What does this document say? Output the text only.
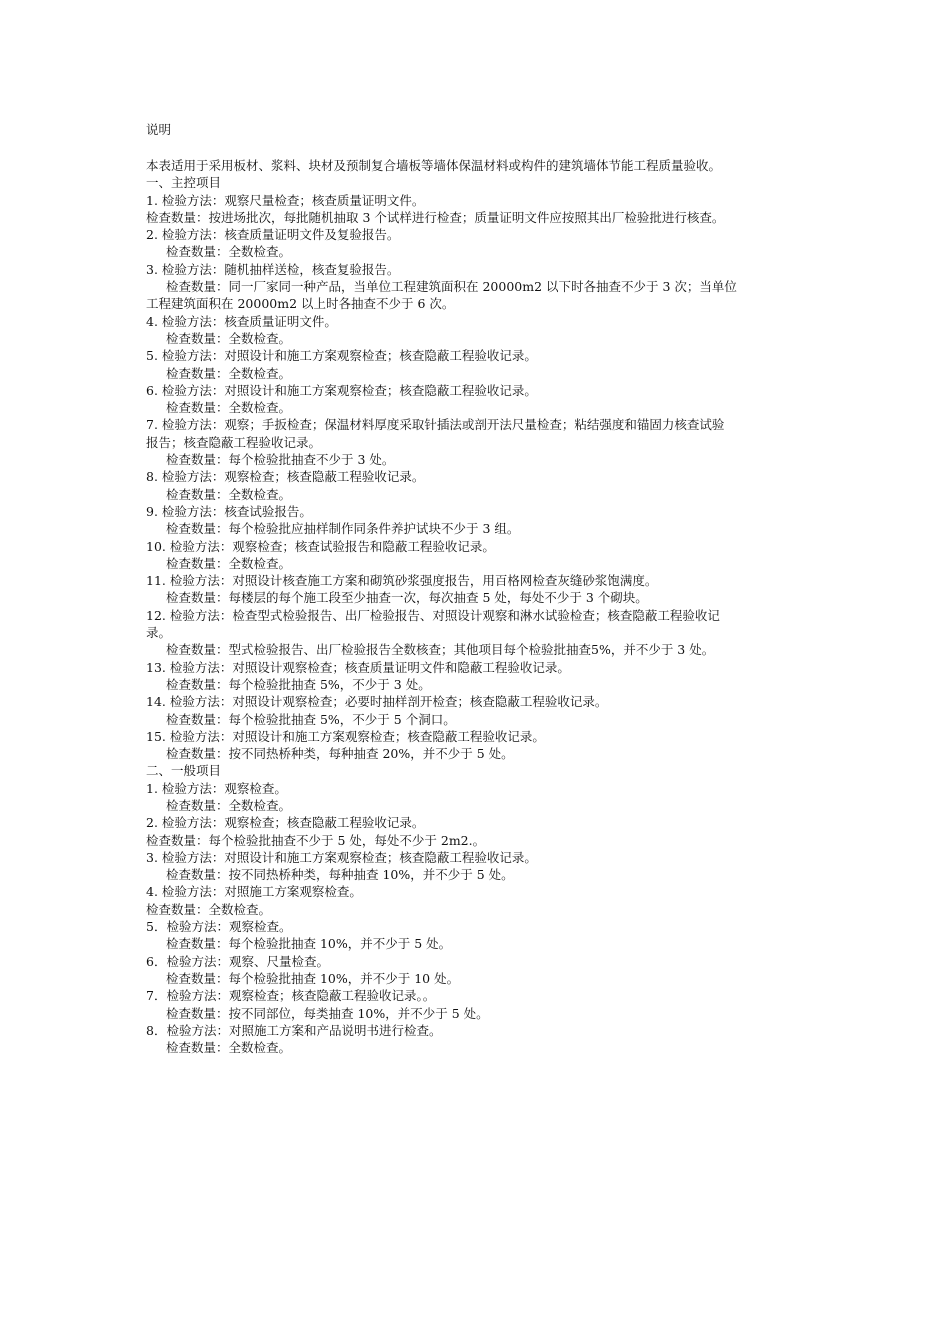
说明

本表适用于采用板材、浆料、块材及预制复合墙板等墙体保温材料或构件的建筑墙体节能工程质量验收。
一、主控项目
1. 检验方法：观察尺量检查；核查质量证明文件。
检查数量：按进场批次，每批随机抽取 3 个试样进行检查；质量证明文件应按照其出厂检验批进行核查。
2. 检验方法：核查质量证明文件及复验报告。
检查数量：全数检查。
3. 检验方法：随机抽样送检，核查复验报告。
检查数量：同一厂家同一种产品，当单位工程建筑面积在 20000m2 以下时各抽查不少于 3 次；当单位
工程建筑面积在 20000m2 以上时各抽查不少于 6 次。
4. 检验方法：核查质量证明文件。
检查数量：全数检查。
5. 检验方法：对照设计和施工方案观察检查；核查隐蔽工程验收记录。
检查数量：全数检查。
6. 检验方法：对照设计和施工方案观察检查；核查隐蔽工程验收记录。
检查数量：全数检查。
7. 检验方法：观察；手扳检查；保温材料厚度采取针插法或剖开法尺量检查；粘结强度和锚固力核查试验
报告；核查隐蔽工程验收记录。
检查数量：每个检验批抽查不少于 3 处。
8. 检验方法：观察检查；核查隐蔽工程验收记录。
检查数量：全数检查。
9. 检验方法：核查试验报告。
检查数量：每个检验批应抽样制作同条件养护试块不少于 3 组。
10. 检验方法：观察检查；核查试验报告和隐蔽工程验收记录。
检查数量：全数检查。
11. 检验方法：对照设计核查施工方案和砌筑砂浆强度报告，用百格网检查灰缝砂浆饱满度。
检查数量：每楼层的每个施工段至少抽查一次，每次抽查 5 处，每处不少于 3 个砌块。
12. 检验方法：检查型式检验报告、出厂检验报告、对照设计观察和淋水试验检查；核查隐蔽工程验收记
录。
检查数量：型式检验报告、出厂检验报告全数核查；其他项目每个检验批抽查5%，并不少于 3 处。
13. 检验方法：对照设计观察检查；核查质量证明文件和隐蔽工程验收记录。
检查数量：每个检验批抽查 5%，不少于 3 处。
14. 检验方法：对照设计观察检查；必要时抽样剖开检查；核查隐蔽工程验收记录。
检查数量：每个检验批抽查 5%，不少于 5 个洞口。
15. 检验方法：对照设计和施工方案观察检查；核查隐蔽工程验收记录。
检查数量：按不同热桥种类，每种抽查 20%，并不少于 5 处。
二、一般项目
1. 检验方法：观察检查。
检查数量：全数检查。
2. 检验方法：观察检查；核查隐蔽工程验收记录。
检查数量：每个检验批抽查不少于 5 处，每处不少于 2m2.。
3. 检验方法：对照设计和施工方案观察检查；核查隐蔽工程验收记录。
检查数量：按不同热桥种类，每种抽查 10%，并不少于 5 处。
4. 检验方法：对照施工方案观察检查。
检查数量：全数检查。
5．检验方法：观察检查。
检查数量：每个检验批抽查 10%，并不少于 5 处。
6．检验方法：观察、尺量检查。
检查数量：每个检验批抽查 10%，并不少于 10 处。
7．检验方法：观察检查；核查隐蔽工程验收记录。。
检查数量：按不同部位，每类抽查 10%，并不少于 5 处。
8．检验方法：对照施工方案和产品说明书进行检查。
检查数量：全数检查。
